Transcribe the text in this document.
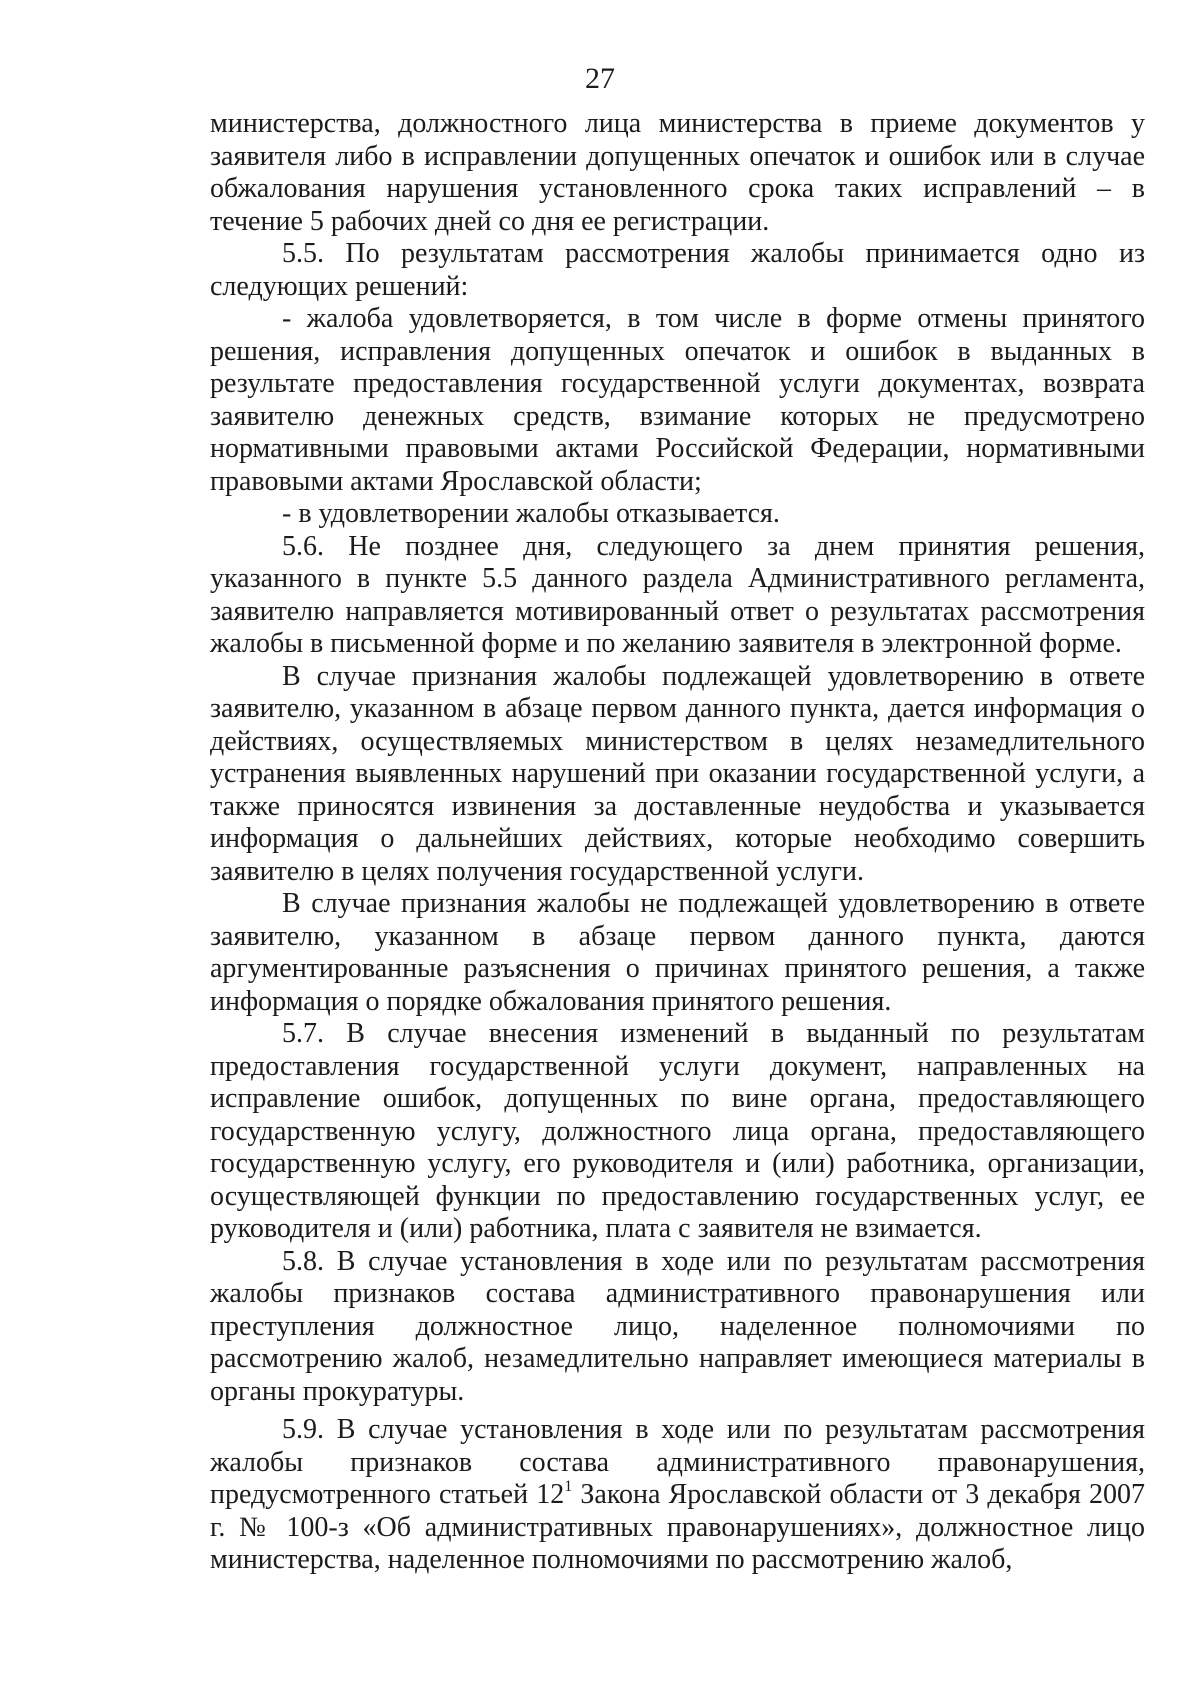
27

министерства, должностного лица министерства в приеме документов у заявителя либо в исправлении допущенных опечаток и ошибок или в случае обжалования нарушения установленного срока таких исправлений – в течение 5 рабочих дней со дня ее регистрации.

5.5. По результатам рассмотрения жалобы принимается одно из следующих решений:

- жалоба удовлетворяется, в том числе в форме отмены принятого решения, исправления допущенных опечаток и ошибок в выданных в результате предоставления государственной услуги документах, возврата заявителю денежных средств, взимание которых не предусмотрено нормативными правовыми актами Российской Федерации, нормативными правовыми актами Ярославской области;

- в удовлетворении жалобы отказывается.

5.6. Не позднее дня, следующего за днем принятия решения, указанного в пункте 5.5 данного раздела Административного регламента, заявителю направляется мотивированный ответ о результатах рассмотрения жалобы в письменной форме и по желанию заявителя в электронной форме.

В случае признания жалобы подлежащей удовлетворению в ответе заявителю, указанном в абзаце первом данного пункта, дается информация о действиях, осуществляемых министерством в целях незамедлительного устранения выявленных нарушений при оказании государственной услуги, а также приносятся извинения за доставленные неудобства и указывается информация о дальнейших действиях, которые необходимо совершить заявителю в целях получения государственной услуги.

В случае признания жалобы не подлежащей удовлетворению в ответе заявителю, указанном в абзаце первом данного пункта, даются аргументированные разъяснения о причинах принятого решения, а также информация о порядке обжалования принятого решения.

5.7. В случае внесения изменений в выданный по результатам предоставления государственной услуги документ, направленных на исправление ошибок, допущенных по вине органа, предоставляющего государственную услугу, должностного лица органа, предоставляющего государственную услугу, его руководителя и (или) работника, организации, осуществляющей функции по предоставлению государственных услуг, ее руководителя и (или) работника, плата с заявителя не взимается.

5.8. В случае установления в ходе или по результатам рассмотрения жалобы признаков состава административного правонарушения или преступления должностное лицо, наделенное полномочиями по рассмотрению жалоб, незамедлительно направляет имеющиеся материалы в органы прокуратуры.

5.9. В случае установления в ходе или по результатам рассмотрения жалобы признаков состава административного правонарушения, предусмотренного статьей $12^1$ Закона Ярославской области от 3 декабря 2007 г. № 100-з «Об административных правонарушениях», должностное лицо министерства, наделенное полномочиями по рассмотрению жалоб,
